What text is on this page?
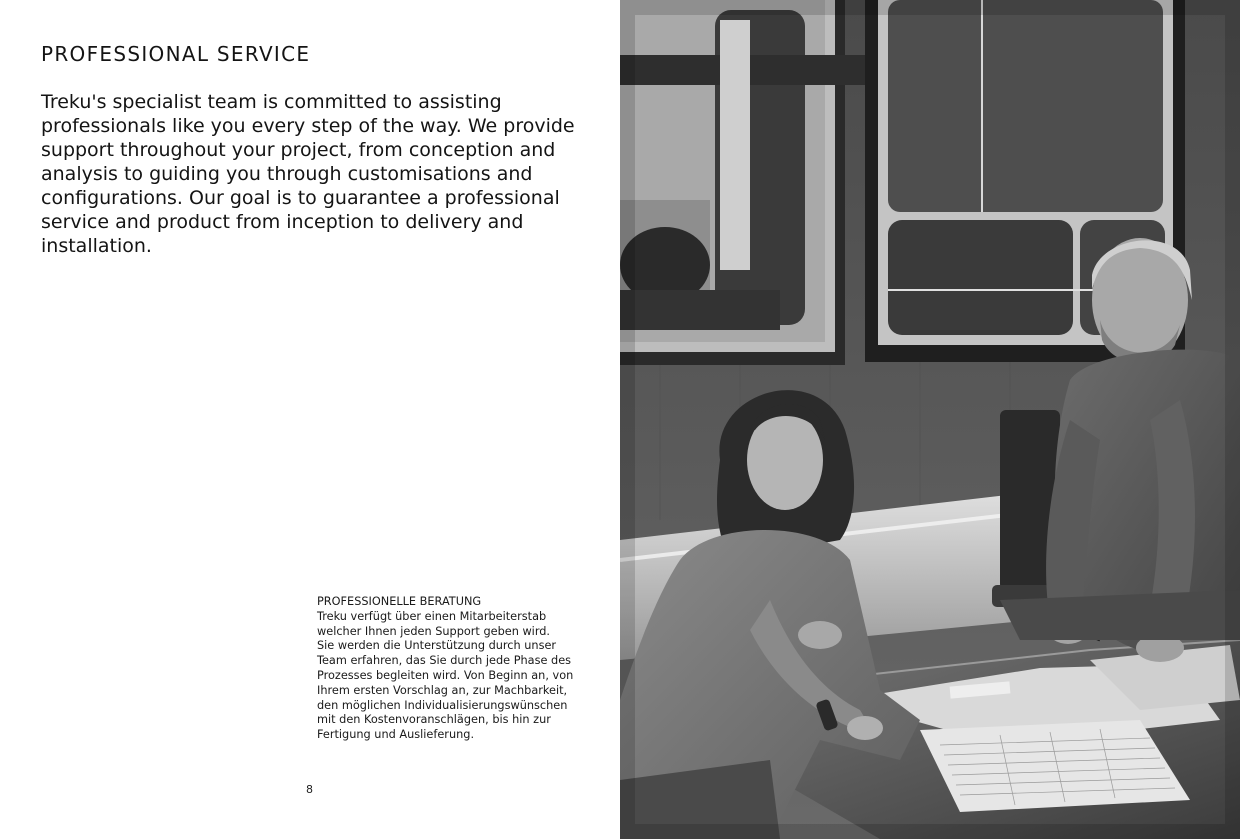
PROFESSIONAL SERVICE

Treku's specialist team is committed to assisting
professionals like you every step of the way. We provide
support throughout your project, from conception and
analysis to guiding you through customisations and
configurations. Our goal is to guarantee a professional
service and product from inception to delivery and
installation.

PROFESSIONELLE BERATUNG
Treku verfügt über einen Mitarbeiterstab
welcher Ihnen jeden Support geben wird.
Sie werden die Unterstützung durch unser
Team erfahren, das Sie durch jede Phase des
Prozesses begleiten wird. Von Beginn an, von
Ihrem ersten Vorschlag an, zur Machbarkeit,
den möglichen Individualisierungswünschen
mit den Kostenvoranschlägen, bis hin zur
Fertigung und Auslieferung.
8
